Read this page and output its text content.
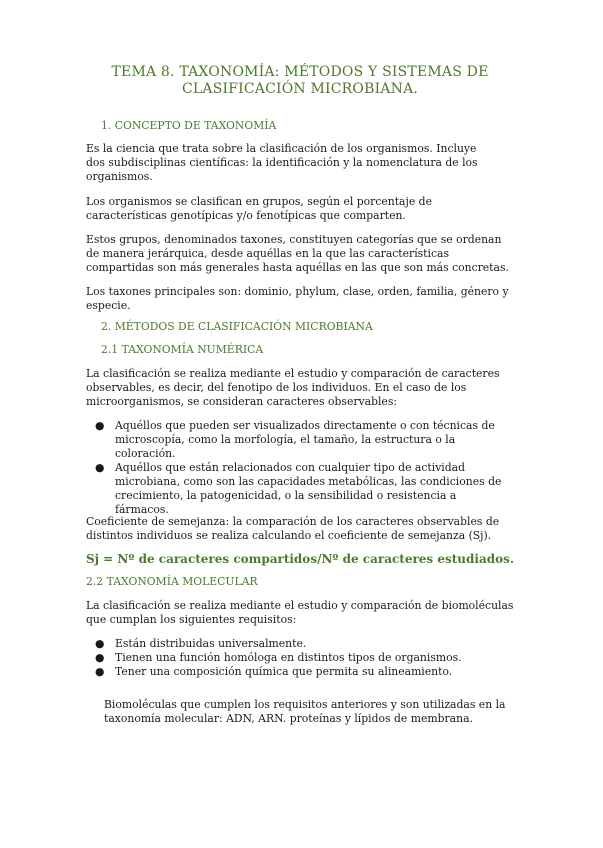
TEMA 8. TAXONOMÍA: MÉTODOS Y SISTEMAS DE
CLASIFICACIÓN MICROBIANA.
1. CONCEPTO DE TAXONOMÍA

Es la ciencia que trata sobre la clasificación de los organismos. Incluye dos subdisciplinas científicas: la identificación y la nomenclatura de los organismos.

Los organismos se clasifican en grupos, según el porcentaje de características genotípicas y/o fenotípicas que comparten.

Estos grupos, denominados taxones, constituyen categorías que se ordenan de manera jerárquica, desde aquéllas en la que las características compartidas son más generales hasta aquéllas en las que son más concretas.

Los taxones principales son: dominio, phylum, clase, orden, familia, género y especie.

2. MÉTODOS DE CLASIFICACIÓN MICROBIANA
2.1 TAXONOMÍA NUMÉRICA

La clasificación se realiza mediante el estudio y comparación de caracteres observables, es decir, del fenotipo de los individuos. En el caso de los microorganismos, se consideran caracteres observables:

● Aquéllos que pueden ser visualizados directamente o con técnicas de microscopía, como la morfología, el tamaño, la estructura o la coloración.
● Aquéllos que están relacionados con cualquier tipo de actividad microbiana, como son las capacidades metabólicas, las condiciones de crecimiento, la patogenicidad, o la sensibilidad o resistencia a fármacos.

Coeficiente de semejanza: la comparación de los caracteres observables de distintos individuos se realiza calculando el coeficiente de semejanza (Sj).

Sj = Nº de caracteres compartidos/Nº de caracteres estudiados.
2.2 TAXONOMÍA MOLECULAR

La clasificación se realiza mediante el estudio y comparación de biomoléculas que cumplan los siguientes requisitos:

● Están distribuidas universalmente.
● Tienen una función homóloga en distintos tipos de organismos.
● Tener una composición química que permita su alineamiento.

Biomoléculas que cumplen los requisitos anteriores y son utilizadas en la taxonomía molecular: ADN, ARN. proteínas y lípidos de membrana.
